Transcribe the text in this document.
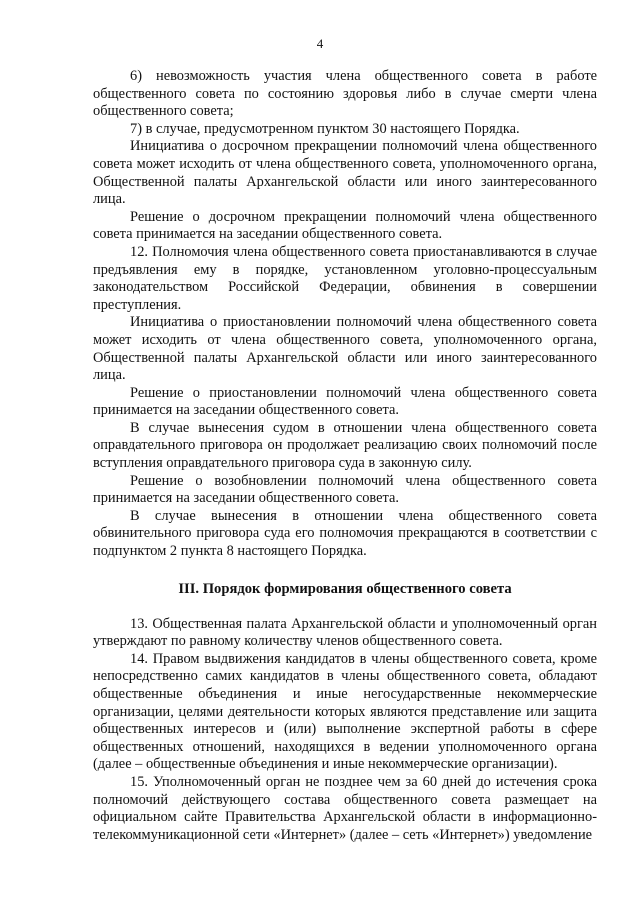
4

6) невозможность участия члена общественного совета в работе общественного совета по состоянию здоровья либо в случае смерти члена общественного совета;

7) в случае, предусмотренном пунктом 30 настоящего Порядка.

Инициатива о досрочном прекращении полномочий члена общественного совета может исходить от члена общественного совета, уполномоченного органа, Общественной палаты Архангельской области или иного заинтересованного лица.

Решение о досрочном прекращении полномочий члена общественного совета принимается на заседании общественного совета.

12. Полномочия члена общественного совета приостанавливаются в случае предъявления ему в порядке, установленном уголовно-процессуальным законодательством Российской Федерации, обвинения в совершении преступления.

Инициатива о приостановлении полномочий члена общественного совета может исходить от члена общественного совета, уполномоченного органа, Общественной палаты Архангельской области или иного заинтересованного лица.

Решение о приостановлении полномочий члена общественного совета принимается на заседании общественного совета.

В случае вынесения судом в отношении члена общественного совета оправдательного приговора он продолжает реализацию своих полномочий после вступления оправдательного приговора суда в законную силу.

Решение о возобновлении полномочий члена общественного совета принимается на заседании общественного совета.

В случае вынесения в отношении члена общественного совета обвинительного приговора суда его полномочия прекращаются в соответствии с подпунктом 2 пункта 8 настоящего Порядка.

III. Порядок формирования общественного совета

13. Общественная палата Архангельской области и уполномоченный орган утверждают по равному количеству членов общественного совета.

14. Правом выдвижения кандидатов в члены общественного совета, кроме непосредственно самих кандидатов в члены общественного совета, обладают общественные объединения и иные негосударственные некоммерческие организации, целями деятельности которых являются представление или защита общественных интересов и (или) выполнение экспертной работы в сфере общественных отношений, находящихся в ведении уполномоченного органа (далее – общественные объединения и иные некоммерческие организации).

15. Уполномоченный орган не позднее чем за 60 дней до истечения срока полномочий действующего состава общественного совета размещает на официальном сайте Правительства Архангельской области в информационно-телекоммуникационной сети «Интернет» (далее – сеть «Интернет») уведомление
